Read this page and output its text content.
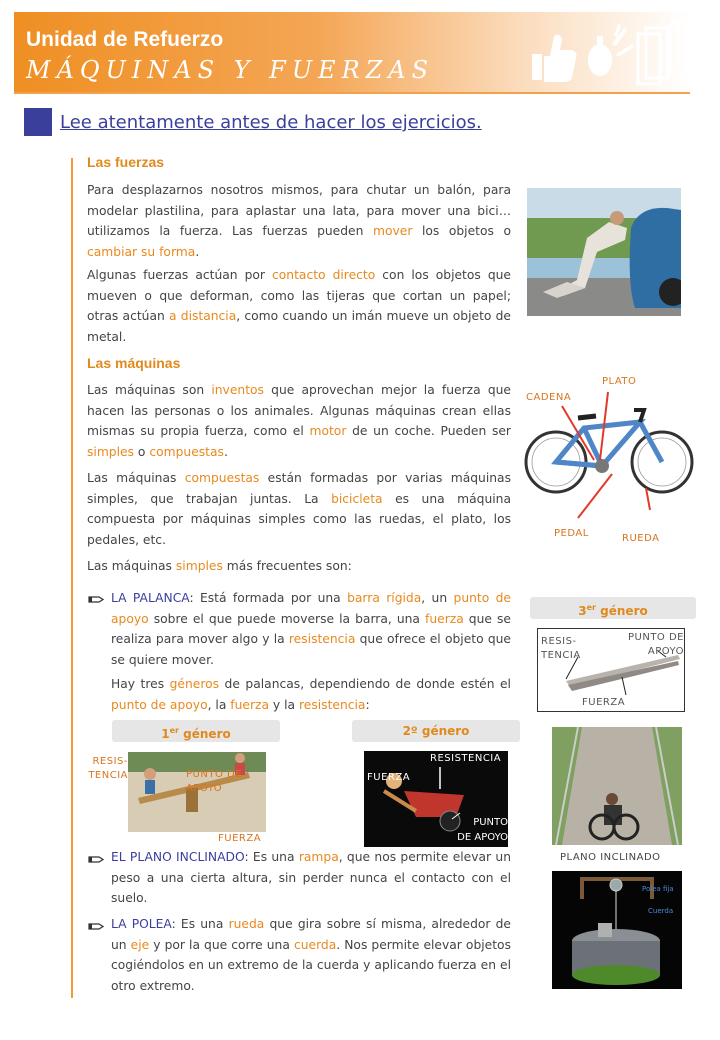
Unidad de Refuerzo
MÁQUINAS Y FUERZAS
Lee atentamente antes de hacer los ejercicios.
Las fuerzas

Para desplazarnos nosotros mismos, para chutar un balón, para modelar plastilina, para aplastar una lata, para mover una bici… utilizamos la fuerza. Las fuerzas pueden mover los objetos o cambiar su forma.

Algunas fuerzas actúan por contacto directo con los objetos que mueven o que deforman, como las tijeras que cortan un papel; otras actúan a distancia, como cuando un imán mueve un objeto de metal.

Las máquinas

Las máquinas son inventos que aprovechan mejor la fuerza que hacen las personas o los animales. Algunas máquinas crean ellas mismas su propia fuerza, como el motor de un coche. Pueden ser simples o compuestas.

Las máquinas compuestas están formadas por varias máquinas simples, que trabajan juntas. La bicicleta es una máquina compuesta por máquinas simples como las ruedas, el plato, los pedales, etc.

Las máquinas simples más frecuentes son:

PLATO
CADENA
PEDAL	RUEDA

LA PALANCA: Está formada por una barra rígida, un punto de apoyo sobre el que puede moverse la barra, una fuerza que se realiza para mover algo y la resistencia que ofrece el objeto que se quiere mover.

Hay tres géneros de palancas, dependiendo de donde estén el punto de apoyo, la fuerza y la resistencia:

3er género
RESIS-
TENCIA
PUNTO DE
APOYO
FUERZA
1er género
RESIS-
TENCIA	PUNTO DE
APOYO
FUERZA
2º género
RESISTENCIA
FUERZA
PUNTO
DE APOYO
PLANO INCLINADO

EL PLANO INCLINADO: Es una rampa, que nos permite elevar un peso a una cierta altura, sin perder nunca el contacto con el suelo.

LA POLEA: Es una rueda que gira sobre sí misma, alrededor de un eje y por la que corre una cuerda. Nos permite elevar objetos cogiéndolos en un extremo de la cuerda y aplicando fuerza en el otro extremo.

Polea fija
Cuerda
